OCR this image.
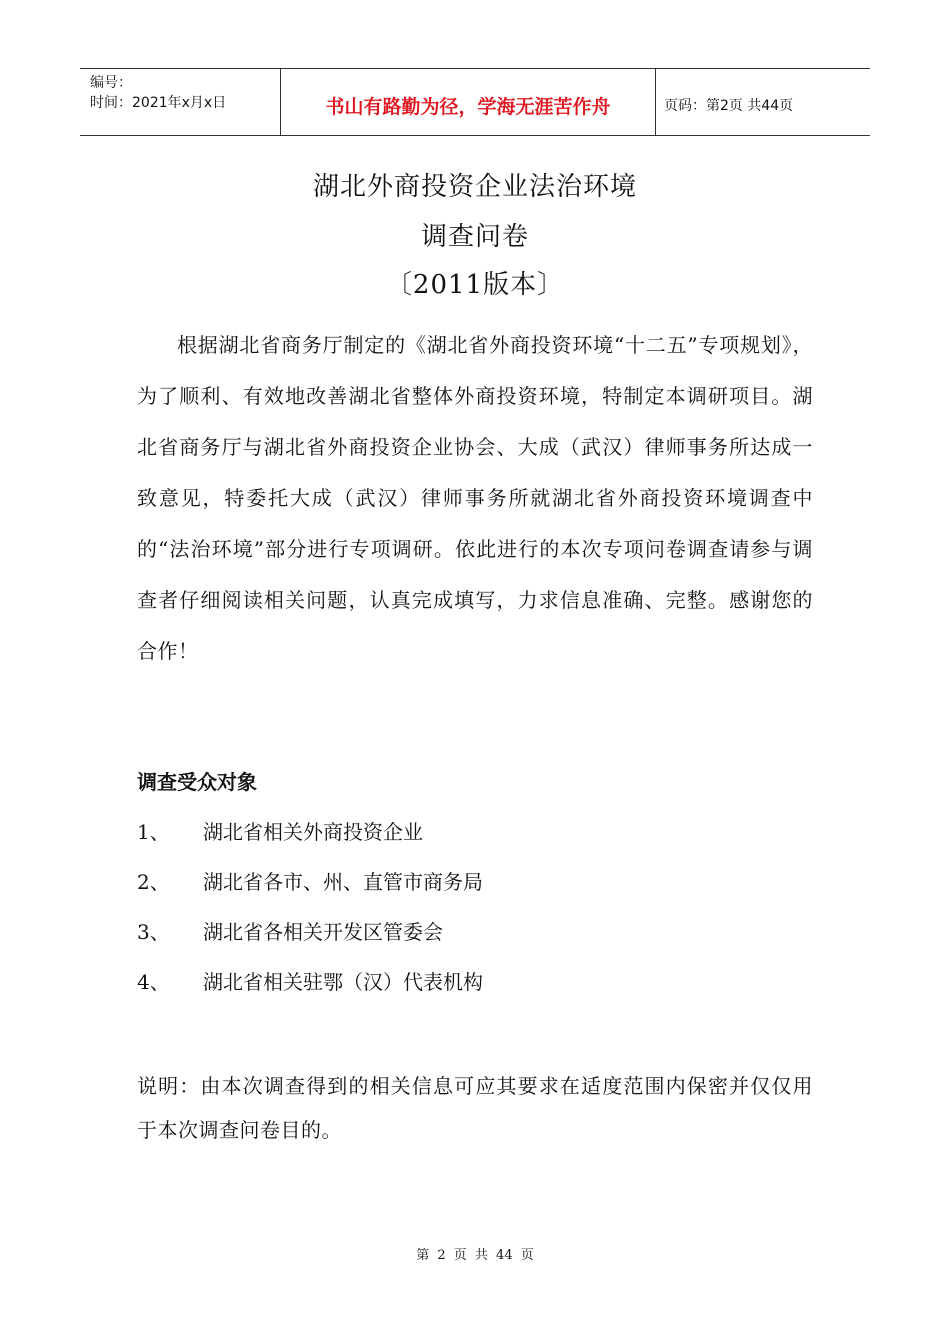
编号：
时间：2021年x月x日	书山有路勤为径，学海无涯苦作舟	页码：第2页 共44页
湖北外商投资企业法治环境
调查问卷
〔2011版本〕
根据湖北省商务厅制定的《湖北省外商投资环境“十二五”专项规划》，为了顺利、有效地改善湖北省整体外商投资环境，特制定本调研项目。湖北省商务厅与湖北省外商投资企业协会、大成（武汉）律师事务所达成一致意见，特委托大成（武汉）律师事务所就湖北省外商投资环境调查中的“法治环境”部分进行专项调研。依此进行的本次专项问卷调查请参与调查者仔细阅读相关问题，认真完成填写，力求信息准确、完整。感谢您的合作！
调查受众对象
1、	湖北省相关外商投资企业
2、	湖北省各市、州、直管市商务局
3、	湖北省各相关开发区管委会
4、	湖北省相关驻鄂（汉）代表机构
说明：由本次调查得到的相关信息可应其要求在适度范围内保密并仅仅用于本次调查问卷目的。
第 2 页 共 44 页
